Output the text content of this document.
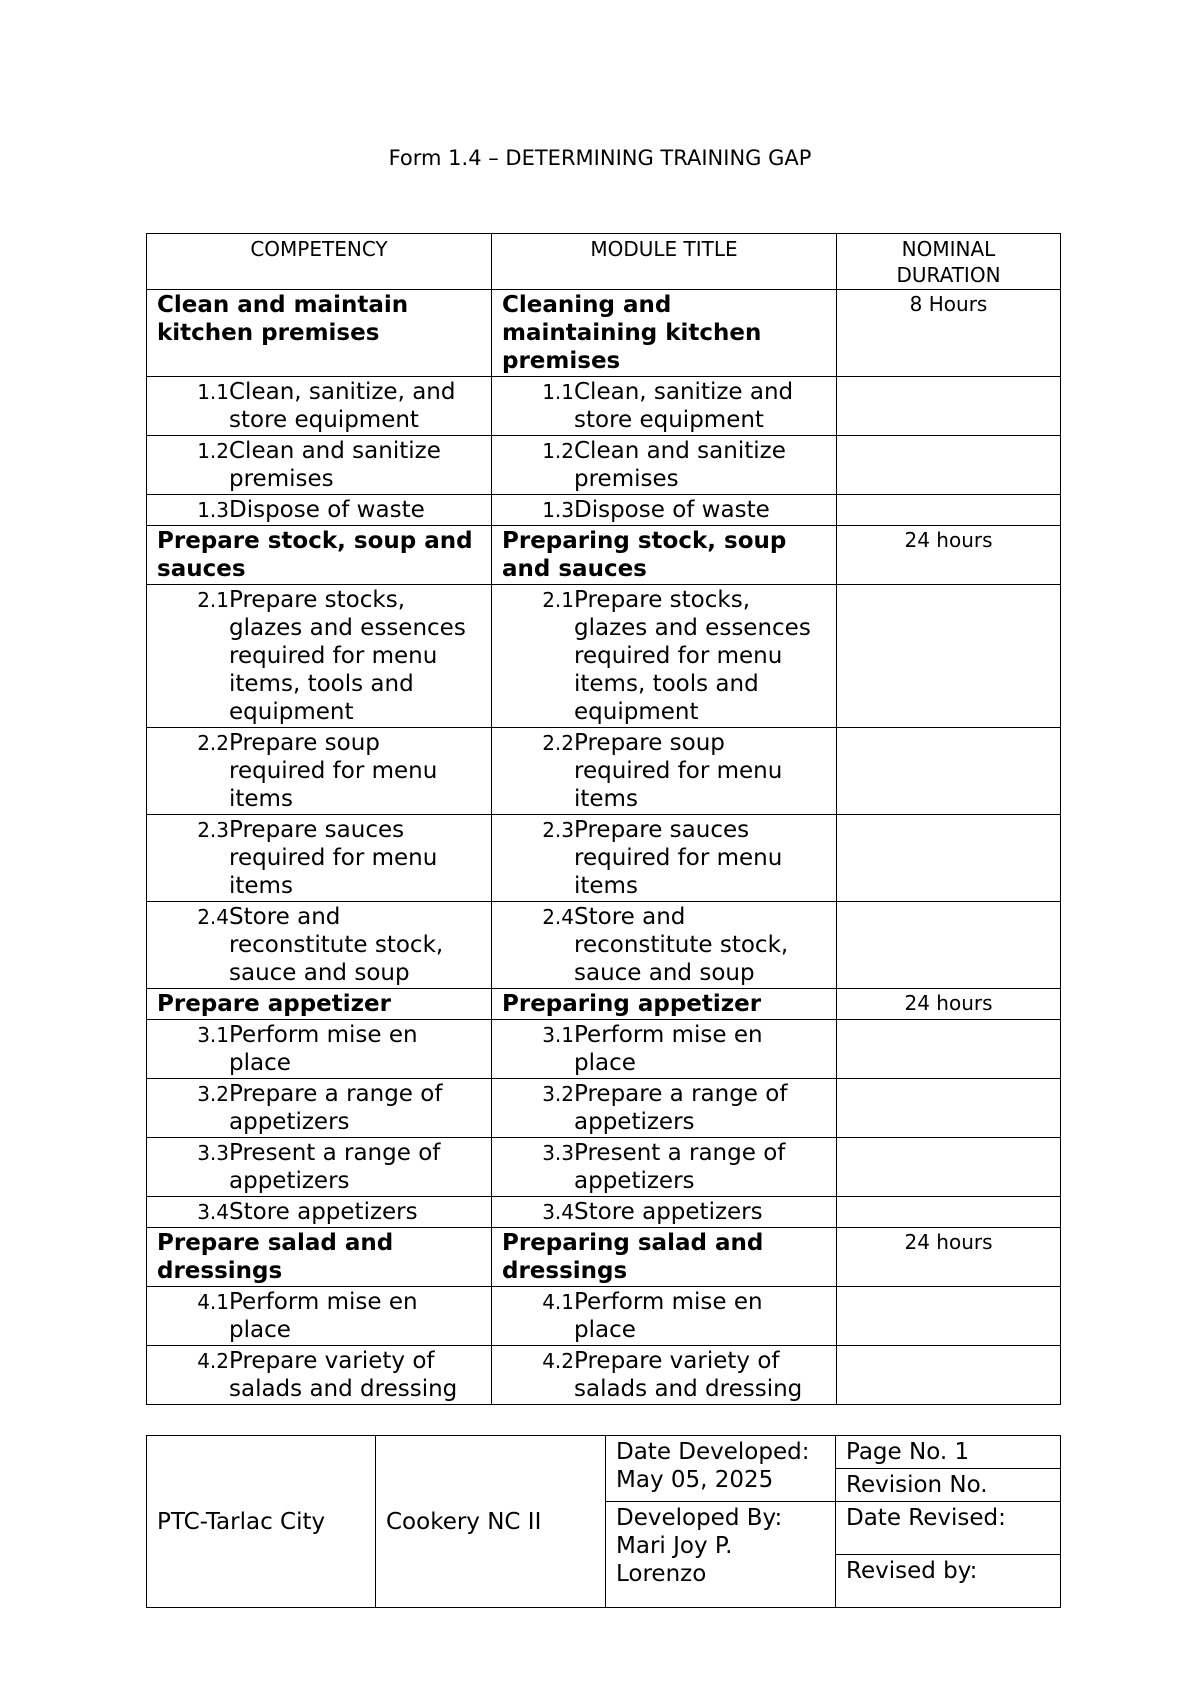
Form 1.4 – DETERMINING TRAINING GAP
COMPETENCY	MODULE TITLE	NOMINAL DURATION
Clean and maintain kitchen premises	Cleaning and maintaining kitchen premises	8 Hours

1.1 Clean, sanitize, and store equipment	1.1 Clean, sanitize and store equipment	

1.2 Clean and sanitize premises	1.2 Clean and sanitize premises	

1.3 Dispose of waste	1.3 Dispose of waste	

Prepare stock, soup and sauces	Preparing stock, soup and sauces	24 hours

2.1 Prepare stocks, glazes and essences required for menu items, tools and equipment	2.1 Prepare stocks, glazes and essences required for menu items, tools and equipment	

2.2 Prepare soup required for menu items	2.2 Prepare soup required for menu items	

2.3 Prepare sauces required for menu items	2.3 Prepare sauces required for menu items	

2.4 Store and reconstitute stock, sauce and soup	2.4 Store and reconstitute stock, sauce and soup	

Prepare appetizer	Preparing appetizer	24 hours

3.1 Perform mise en place	3.1 Perform mise en place	

3.2 Prepare a range of appetizers	3.2 Prepare a range of appetizers	

3.3 Present a range of appetizers	3.3 Present a range of appetizers	

3.4 Store appetizers	3.4 Store appetizers	

Prepare salad and dressings	Preparing salad and dressings	24 hours

4.1 Perform mise en place	4.1 Perform mise en place	

4.2 Prepare variety of salads and dressing	4.2 Prepare variety of salads and dressing	

PTC-Tarlac City	Cookery NC II	Date Developed: May 05, 2025	Page No. 1
			Revision No.
		Developed By: Mari Joy P. Lorenzo	Date Revised:
			Revised by:
